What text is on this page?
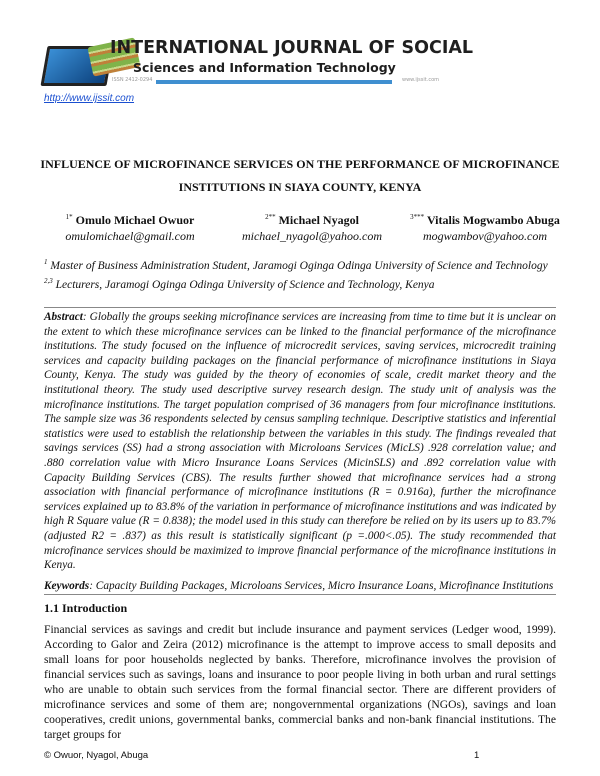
INTERNATIONAL JOURNAL OF SOCIAL
Sciences and Information Technology
ISSN 2412-0294	www.ijssit.com
http://www.ijssit.com
INFLUENCE OF MICROFINANCE SERVICES ON THE PERFORMANCE OF MICROFINANCE INSTITUTIONS IN SIAYA COUNTY, KENYA
$^{1*}$ Omulo Michael Owuor
omulomichael@gmail.com
$^{2**}$ Michael Nyagol
michael_nyagol@yahoo.com
$^{3***}$ Vitalis Mogwambo Abuga
mogwambov@yahoo.com
$^1$ Master of Business Administration Student, Jaramogi Oginga Odinga University of Science and Technology
$^{2,3}$ Lecturers, Jaramogi Oginga Odinga University of Science and Technology, Kenya
Abstract: Globally the groups seeking microfinance services are increasing from time to time but it is unclear on the extent to which these microfinance services can be linked to the financial performance of the microfinance institutions. The study focused on the influence of microcredit services, saving services, microcredit training services and capacity building packages on the financial performance of microfinance institutions in Siaya County, Kenya. The study was guided by the theory of economies of scale, credit market theory and the institutional theory. The study used descriptive survey research design. The study unit of analysis was the microfinance institutions. The target population comprised of 36 managers from four microfinance institutions. The sample size was 36 respondents selected by census sampling technique. Descriptive statistics and inferential statistics were used to establish the relationship between the variables in this study. The findings revealed that savings services (SS) had a strong association with Microloans Services (MicLS) .928 correlation value; and .880 correlation value with Micro Insurance Loans Services (MicinSLS) and .892 correlation value with Capacity Building Services (CBS). The results further showed that microfinance services had a strong association with financial performance of microfinance institutions (R = 0.916a), further the microfinance services explained up to 83.8% of the variation in performance of microfinance institutions and was indicated by high R Square value (R = 0.838); the model used in this study can therefore be relied on by its users up to 83.7% (adjusted R2 = .837) as this result is statistically significant (p =.000<.05). The study recommended that microfinance services should be maximized to improve financial performance of the microfinance institutions in Kenya.
Keywords: Capacity Building Packages, Microloans Services, Micro Insurance Loans, Microfinance Institutions
1.1 Introduction
Financial services as savings and credit but include insurance and payment services (Ledger wood, 1999). According to Galor and Zeira (2012) microfinance is the attempt to improve access to small deposits and small loans for poor households neglected by banks. Therefore, microfinance involves the provision of financial services such as savings, loans and insurance to poor people living in both urban and rural settings who are unable to obtain such services from the formal financial sector. There are different providers of microfinance services and some of them are; nongovernmental organizations (NGOs), savings and loan cooperatives, credit unions, governmental banks, commercial banks and non-bank financial institutions. The target groups for
© Owuor, Nyagol, Abuga	1
